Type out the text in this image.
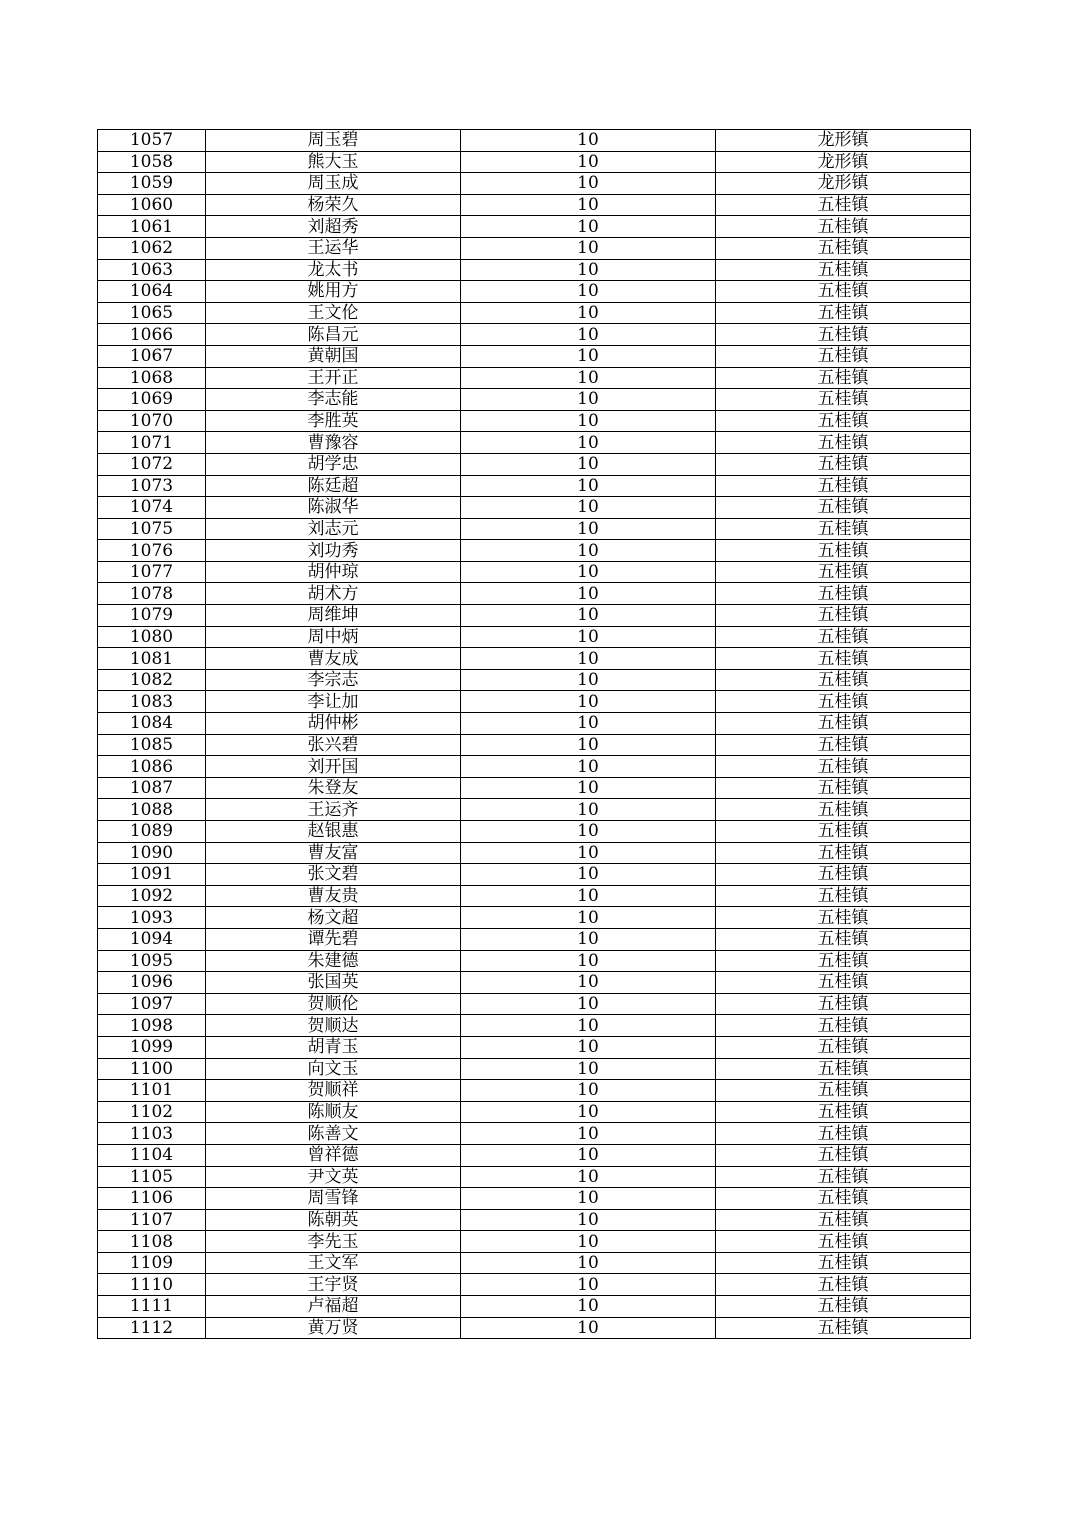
1057	周玉碧	10	龙形镇
1058	熊大玉	10	龙形镇
1059	周玉成	10	龙形镇
1060	杨荣久	10	五桂镇
1061	刘超秀	10	五桂镇
1062	王运华	10	五桂镇
1063	龙太书	10	五桂镇
1064	姚用方	10	五桂镇
1065	王文伦	10	五桂镇
1066	陈昌元	10	五桂镇
1067	黄朝国	10	五桂镇
1068	王开正	10	五桂镇
1069	李志能	10	五桂镇
1070	李胜英	10	五桂镇
1071	曹豫容	10	五桂镇
1072	胡学忠	10	五桂镇
1073	陈廷超	10	五桂镇
1074	陈淑华	10	五桂镇
1075	刘志元	10	五桂镇
1076	刘功秀	10	五桂镇
1077	胡仲琼	10	五桂镇
1078	胡术方	10	五桂镇
1079	周维坤	10	五桂镇
1080	周中炳	10	五桂镇
1081	曹友成	10	五桂镇
1082	李宗志	10	五桂镇
1083	李让加	10	五桂镇
1084	胡仲彬	10	五桂镇
1085	张兴碧	10	五桂镇
1086	刘开国	10	五桂镇
1087	朱登友	10	五桂镇
1088	王运齐	10	五桂镇
1089	赵银惠	10	五桂镇
1090	曹友富	10	五桂镇
1091	张文碧	10	五桂镇
1092	曹友贵	10	五桂镇
1093	杨文超	10	五桂镇
1094	谭先碧	10	五桂镇
1095	朱建德	10	五桂镇
1096	张国英	10	五桂镇
1097	贺顺伦	10	五桂镇
1098	贺顺达	10	五桂镇
1099	胡青玉	10	五桂镇
1100	向文玉	10	五桂镇
1101	贺顺祥	10	五桂镇
1102	陈顺友	10	五桂镇
1103	陈善文	10	五桂镇
1104	曾祥德	10	五桂镇
1105	尹文英	10	五桂镇
1106	周雪锋	10	五桂镇
1107	陈朝英	10	五桂镇
1108	李先玉	10	五桂镇
1109	王文军	10	五桂镇
1110	王宇贤	10	五桂镇
1111	卢福超	10	五桂镇
1112	黄万贤	10	五桂镇
